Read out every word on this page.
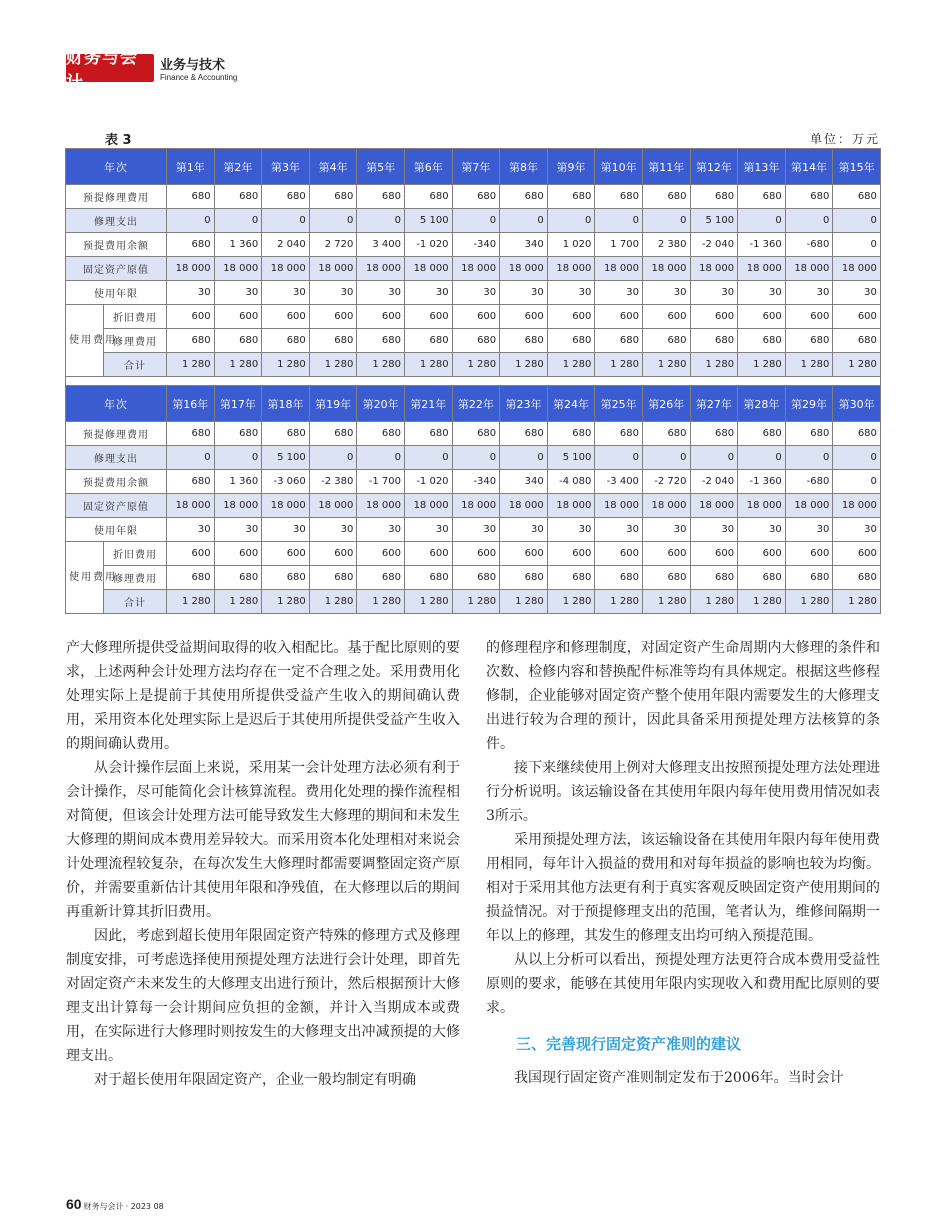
财务与会计
业务与技术
Finance & Accounting
表 3	单位：万元
年次		第1年	第2年	第3年	第4年	第5年	第6年	第7年	第8年	第9年	第10年	第11年	第12年	第13年	第14年	第15年
预提修理费用		680	680	680	680	680	680	680	680	680	680	680	680	680	680	680
修理支出		0	0	0	0	0	5 100	0	0	0	0	0	5 100	0	0	0
预提费用余额		680	1 360	2 040	2 720	3 400	-1 020	-340	340	1 020	1 700	2 380	-2 040	-1 360	-680	0
固定资产原值		18 000	18 000	18 000	18 000	18 000	18 000	18 000	18 000	18 000	18 000	18 000	18 000	18 000	18 000	18 000
使用年限		30	30	30	30	30	30	30	30	30	30	30	30	30	30	30
使用费用	折旧费用	600	600	600	600	600	600	600	600	600	600	600	600	600	600	600
	修理费用	680	680	680	680	680	680	680	680	680	680	680	680	680	680	680
	合计	1 280	1 280	1 280	1 280	1 280	1 280	1 280	1 280	1 280	1 280	1 280	1 280	1 280	1 280	1 280

年次		第16年	第17年	第18年	第19年	第20年	第21年	第22年	第23年	第24年	第25年	第26年	第27年	第28年	第29年	第30年
预提修理费用		680	680	680	680	680	680	680	680	680	680	680	680	680	680	680
修理支出		0	0	5 100	0	0	0	0	0	5 100	0	0	0	0	0	0
预提费用余额		680	1 360	-3 060	-2 380	-1 700	-1 020	-340	340	-4 080	-3 400	-2 720	-2 040	-1 360	-680	0
固定资产原值		18 000	18 000	18 000	18 000	18 000	18 000	18 000	18 000	18 000	18 000	18 000	18 000	18 000	18 000	18 000
使用年限		30	30	30	30	30	30	30	30	30	30	30	30	30	30	30
使用费用	折旧费用	600	600	600	600	600	600	600	600	600	600	600	600	600	600	600
	修理费用	680	680	680	680	680	680	680	680	680	680	680	680	680	680	680
	合计	1 280	1 280	1 280	1 280	1 280	1 280	1 280	1 280	1 280	1 280	1 280	1 280	1 280	1 280	1 280

产大修理所提供受益期间取得的收入相配比。基于配比原则的要求，上述两种会计处理方法均存在一定不合理之处。采用费用化处理实际上是提前于其使用所提供受益产生收入的期间确认费用，采用资本化处理实际上是迟后于其使用所提供受益产生收入的期间确认费用。

从会计操作层面上来说，采用某一会计处理方法必须有利于会计操作，尽可能简化会计核算流程。费用化处理的操作流程相对简便，但该会计处理方法可能导致发生大修理的期间和未发生大修理的期间成本费用差异较大。而采用资本化处理相对来说会计处理流程较复杂，在每次发生大修理时都需要调整固定资产原价，并需要重新估计其使用年限和净残值，在大修理以后的期间再重新计算其折旧费用。

因此，考虑到超长使用年限固定资产特殊的修理方式及修理制度安排，可考虑选择使用预提处理方法进行会计处理，即首先对固定资产未来发生的大修理支出进行预计，然后根据预计大修理支出计算每一会计期间应负担的金额，并计入当期成本或费用，在实际进行大修理时则按发生的大修理支出冲减预提的大修理支出。

对于超长使用年限固定资产，企业一般均制定有明确

的修理程序和修理制度，对固定资产生命周期内大修理的条件和次数、检修内容和替换配件标准等均有具体规定。根据这些修程修制，企业能够对固定资产整个使用年限内需要发生的大修理支出进行较为合理的预计，因此具备采用预提处理方法核算的条件。

接下来继续使用上例对大修理支出按照预提处理方法处理进行分析说明。该运输设备在其使用年限内每年使用费用情况如表3所示。

采用预提处理方法，该运输设备在其使用年限内每年使用费用相同，每年计入损益的费用和对每年损益的影响也较为均衡。相对于采用其他方法更有利于真实客观反映固定资产使用期间的损益情况。对于预提修理支出的范围，笔者认为，维修间隔期一年以上的修理，其发生的修理支出均可纳入预提范围。

从以上分析可以看出，预提处理方法更符合成本费用受益性原则的要求，能够在其使用年限内实现收入和费用配比原则的要求。

三、完善现行固定资产准则的建议

我国现行固定资产准则制定发布于2006年。当时会计

60 财务与会计 · 2023 08
